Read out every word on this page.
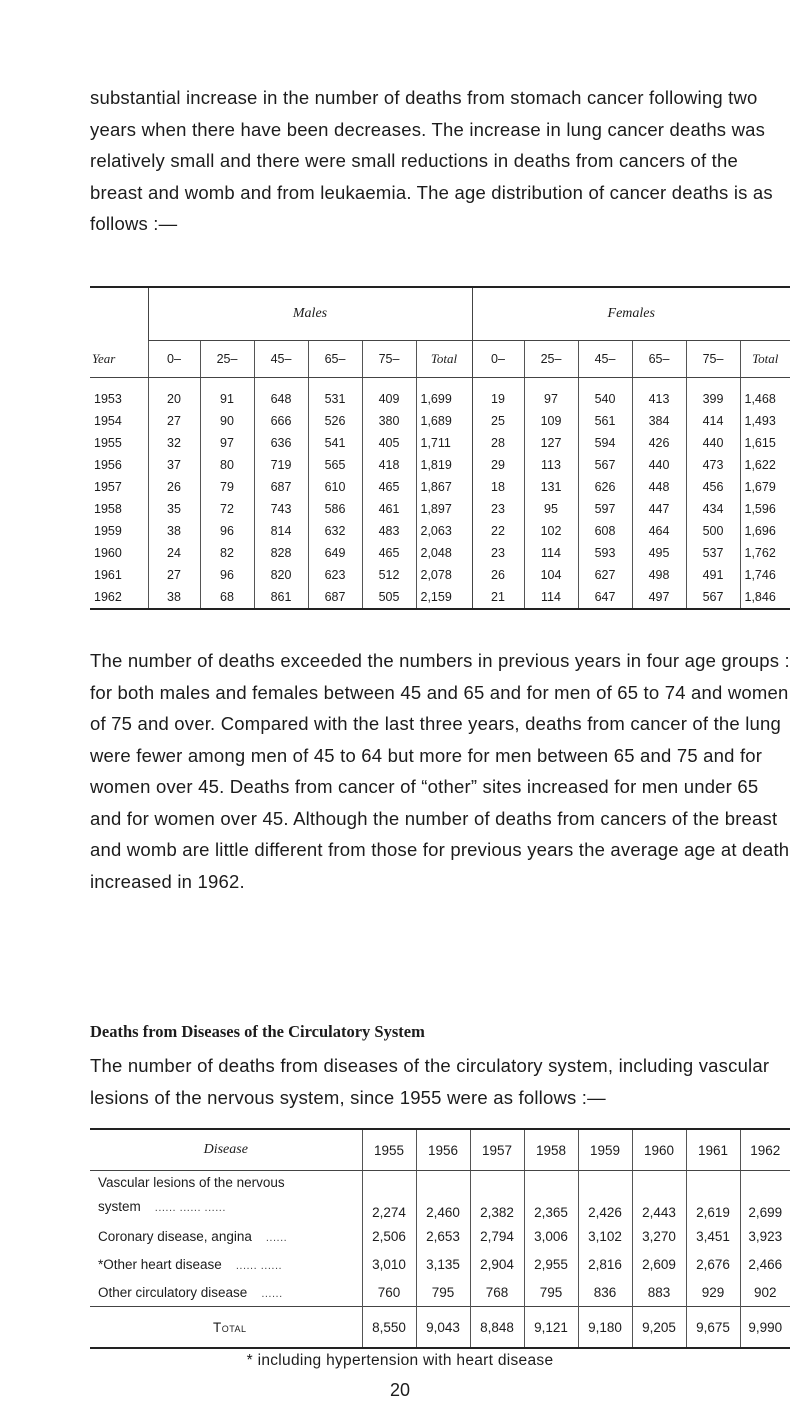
substantial increase in the number of deaths from stomach cancer following two years when there have been decreases. The increase in lung cancer deaths was relatively small and there were small reductions in deaths from cancers of the breast and womb and from leukaemia. The age distribution of cancer deaths is as follows :—

	Males						Females					
Year	0–	25–	45–	65–	75–	Total	0–	25–	45–	65–	75–	Total
1953	20	91	648	531	409	1,699	19	97	540	413	399	1,468
1954	27	90	666	526	380	1,689	25	109	561	384	414	1,493
1955	32	97	636	541	405	1,711	28	127	594	426	440	1,615
1956	37	80	719	565	418	1,819	29	113	567	440	473	1,622
1957	26	79	687	610	465	1,867	18	131	626	448	456	1,679
1958	35	72	743	586	461	1,897	23	95	597	447	434	1,596
1959	38	96	814	632	483	2,063	22	102	608	464	500	1,696
1960	24	82	828	649	465	2,048	23	114	593	495	537	1,762
1961	27	96	820	623	512	2,078	26	104	627	498	491	1,746
1962	38	68	861	687	505	2,159	21	114	647	497	567	1,846

The number of deaths exceeded the numbers in previous years in four age groups : for both males and females between 45 and 65 and for men of 65 to 74 and women of 75 and over. Compared with the last three years, deaths from cancer of the lung were fewer among men of 45 to 64 but more for men between 65 and 75 and for women over 45. Deaths from cancer of “other” sites increased for men under 65 and for women over 45. Although the number of deaths from cancers of the breast and womb are little different from those for previous years the average age at death increased in 1962.

Deaths from Diseases of the Circulatory System

The number of deaths from diseases of the circulatory system, including vascular lesions of the nervous system, since 1955 were as follows :—

Disease	1955	1956	1957	1958	1959	1960	1961	1962

Vascular lesions of the nervous
system ...... ...... ......	2,274	2,460	2,382	2,365	2,426	2,443	2,619	2,699
Coronary disease, angina ......	2,506	2,653	2,794	3,006	3,102	3,270	3,451	3,923
*Other heart disease ...... ......	3,010	3,135	2,904	2,955	2,816	2,609	2,676	2,466
Other circulatory disease ......	760	795	768	795	836	883	929	902
Total	8,550	9,043	8,848	9,121	9,180	9,205	9,675	9,990
* including hypertension with heart disease
20
